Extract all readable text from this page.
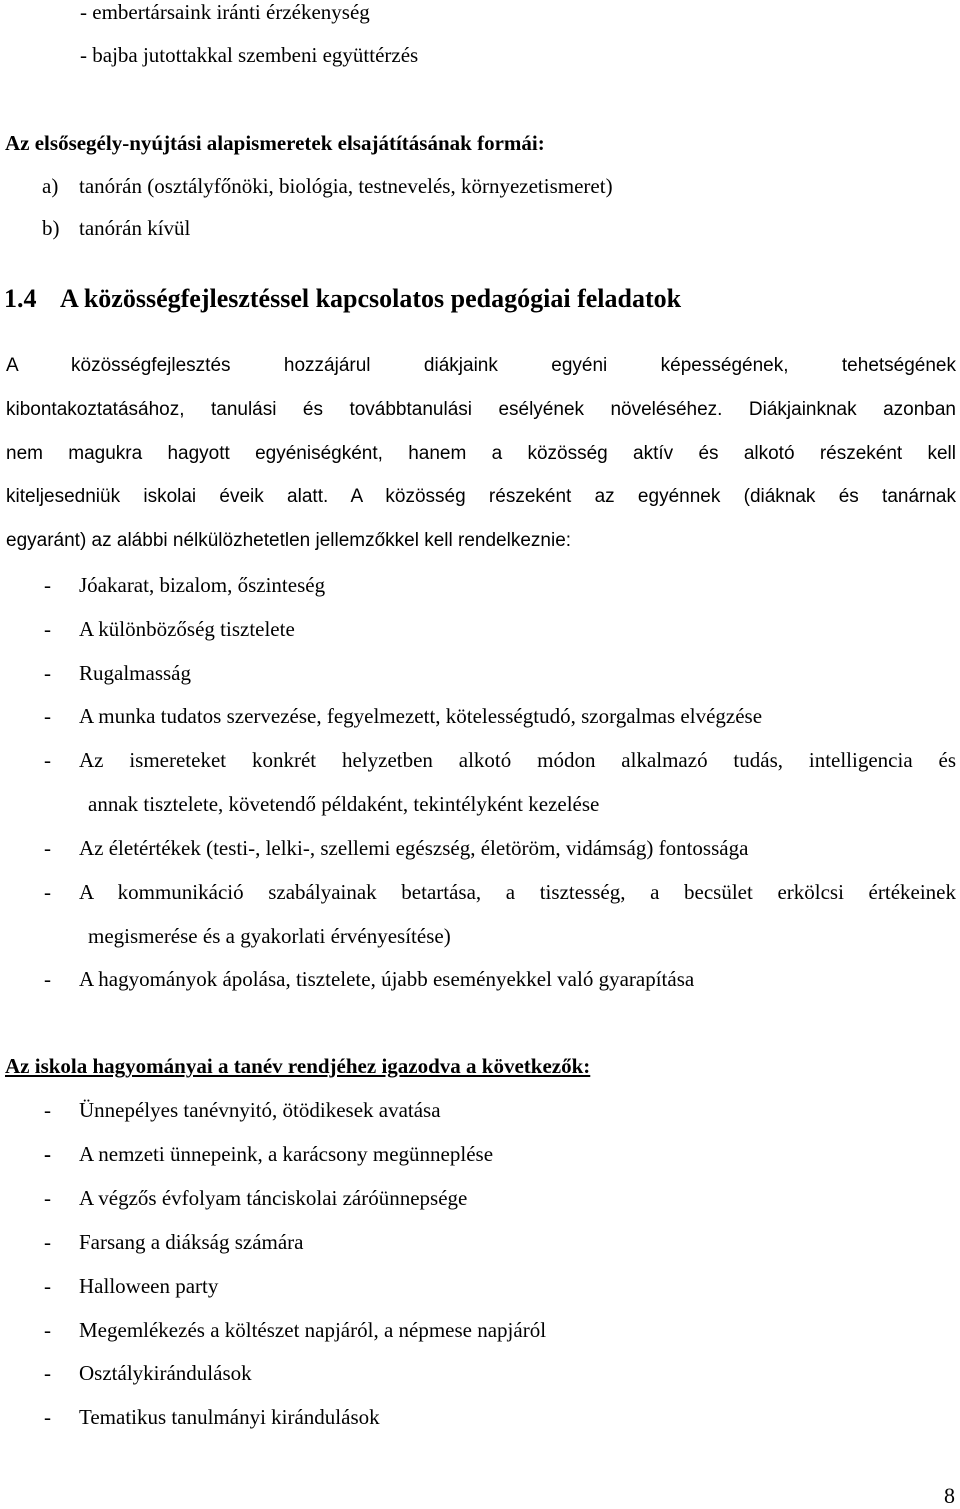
- embertársaink iránti érzékenység
- bajba jutottakkal szembeni együttérzés
Az elsősegély-nyújtási alapismeretek elsajátításának formái:
a) tanórán (osztályfőnöki, biológia, testnevelés, környezetismeret)
b) tanórán kívül
1.4 A közösségfejlesztéssel kapcsolatos pedagógiai feladatok
A közösségfejlesztés hozzájárul diákjaink egyéni képességének, tehetségének
kibontakoztatásához, tanulási és továbbtanulási esélyének növeléséhez. Diákjainknak azonban
nem magukra hagyott egyéniségként, hanem a közösség aktív és alkotó részeként kell
kiteljesedniük iskolai éveik alatt. A közösség részeként az egyénnek (diáknak és tanárnak
egyaránt) az alábbi nélkülözhetetlen jellemzőkkel kell rendelkeznie:
- Jóakarat, bizalom, őszinteség
- A különbözőség tisztelete
- Rugalmasság
- A munka tudatos szervezése, fegyelmezett, kötelességtudó, szorgalmas elvégzése
-	Az ismereteket konkrét helyzetben alkotó módon alkalmazó tudás, intelligencia és
annak tisztelete, követendő példaként, tekintélyként kezelése
- Az életértékek (testi-, lelki-, szellemi egészség, életöröm, vidámság) fontossága
-	A kommunikáció szabályainak betartása, a tisztesség, a becsület erkölcsi értékeinek
megismerése és a gyakorlati érvényesítése)
- A hagyományok ápolása, tisztelete, újabb eseményekkel való gyarapítása
Az iskola hagyományai a tanév rendjéhez igazodva a következők:
- Ünnepélyes tanévnyitó, ötödikesek avatása
- A nemzeti ünnepeink, a karácsony megünneplése
- A végzős évfolyam tánciskolai záróünnepsége
- Farsang a diákság számára
- Halloween party
- Megemlékezés a költészet napjáról, a népmese napjáról
- Osztálykirándulások
- Tematikus tanulmányi kirándulások
8
